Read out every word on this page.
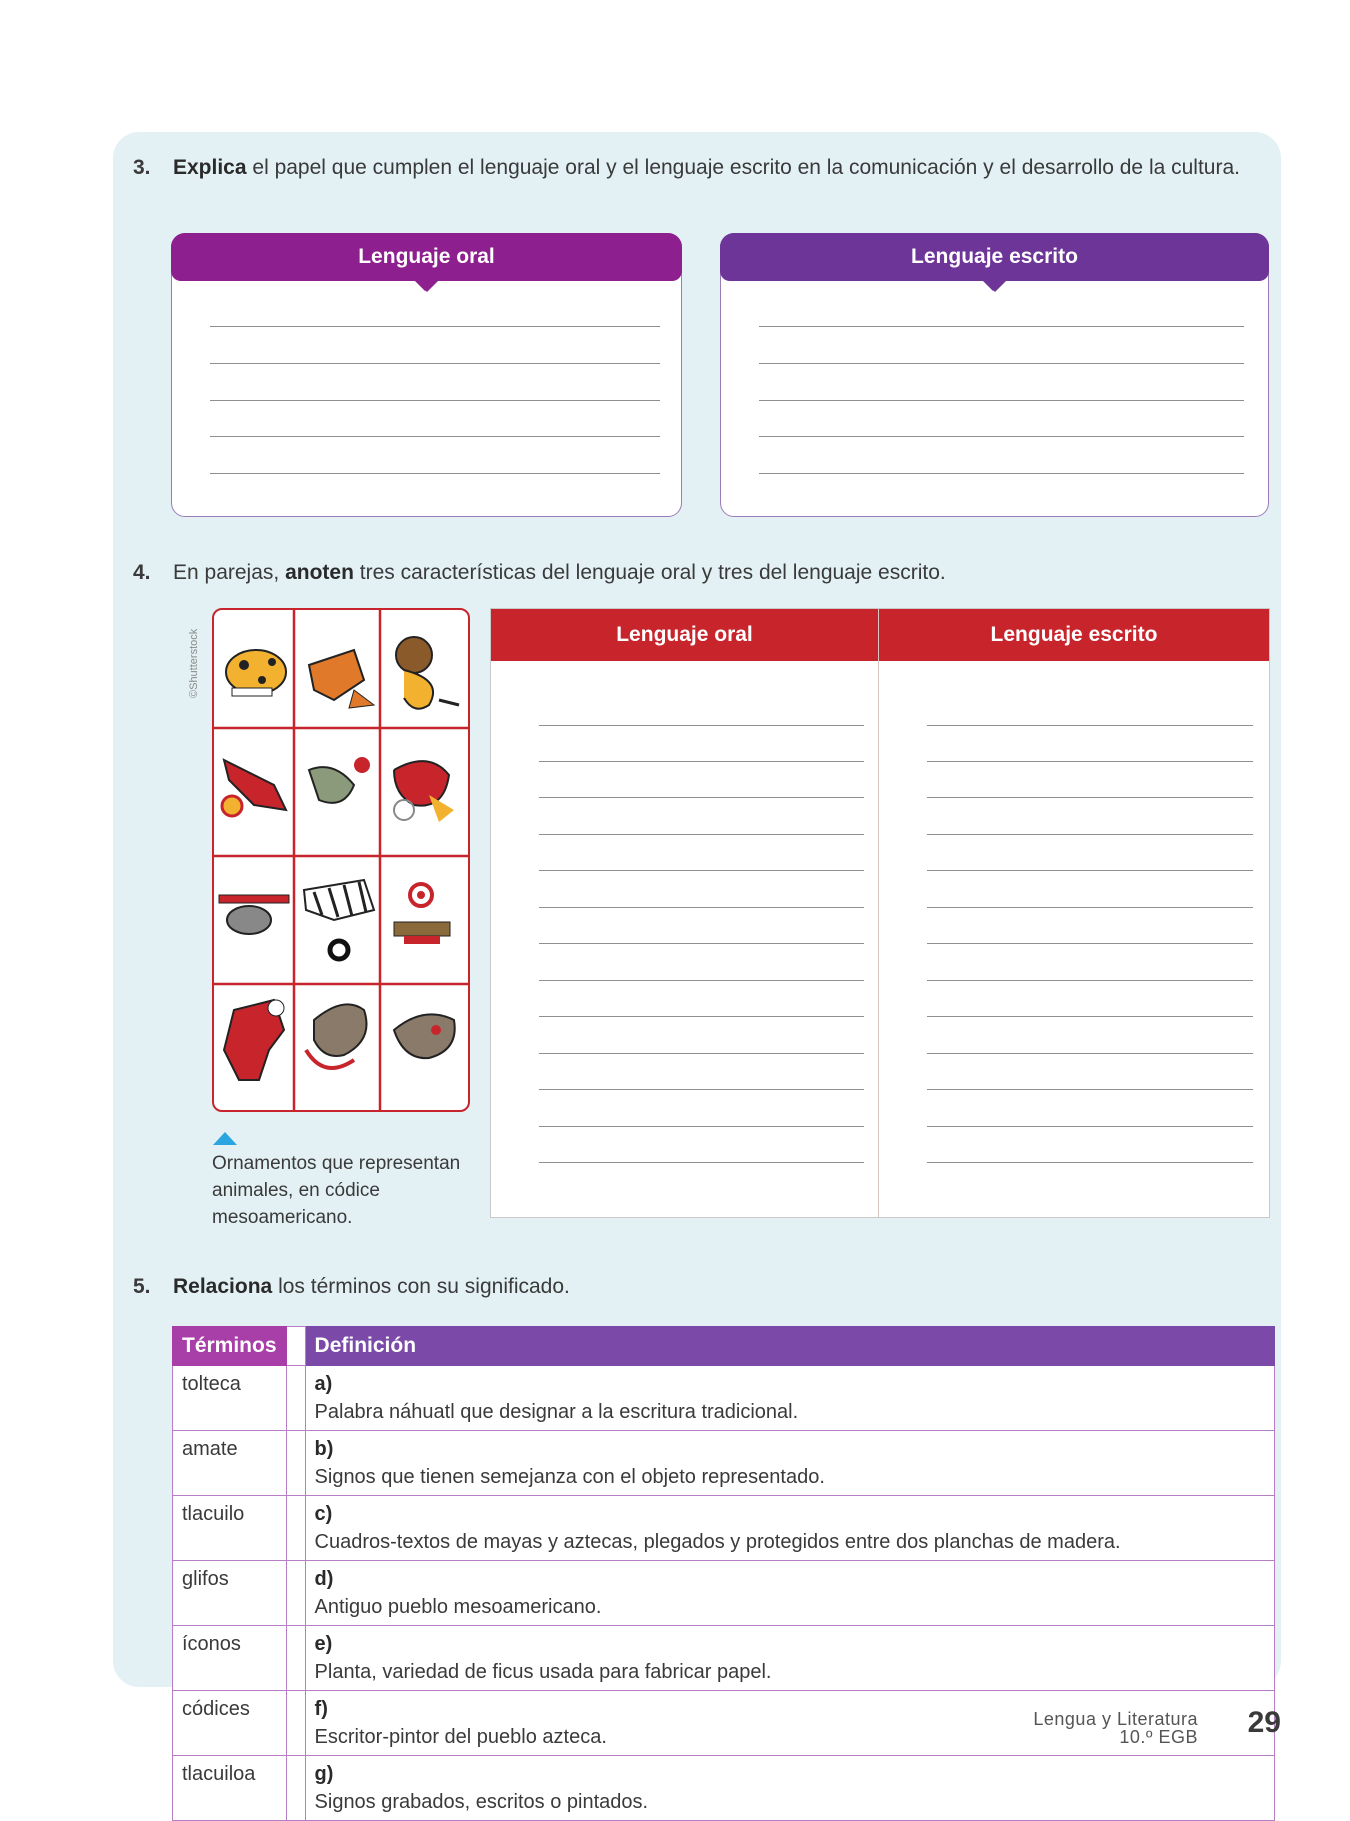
3. Explica el papel que cumplen el lenguaje oral y el lenguaje escrito en la comunicación y el desarrollo de la cultura.
Lenguaje oral	Lenguaje escrito
4. En parejas, anoten tres características del lenguaje oral y tres del lenguaje escrito.
©Shutterstock
Ornamentos que representan animales, en códice mesoamericano.
Lenguaje oral	Lenguaje escrito
5. Relaciona los términos con su significado.
Términos		Definición
tolteca		a)Palabra náhuatl que designar a la escritura tradicional.
amate		b)Signos que tienen semejanza con el objeto representado.
tlacuilo		c)Cuadros-textos de mayas y aztecas, plegados y protegidos entre dos planchas de madera.
glifos		d)Antiguo pueblo mesoamericano.
íconos		e)Planta, variedad de ficus usada para fabricar papel.
códices		f)Escritor-pintor del pueblo azteca.
tlacuiloa		g)Signos grabados, escritos o pintados.
Lengua y Literatura
10.º EGB 29
